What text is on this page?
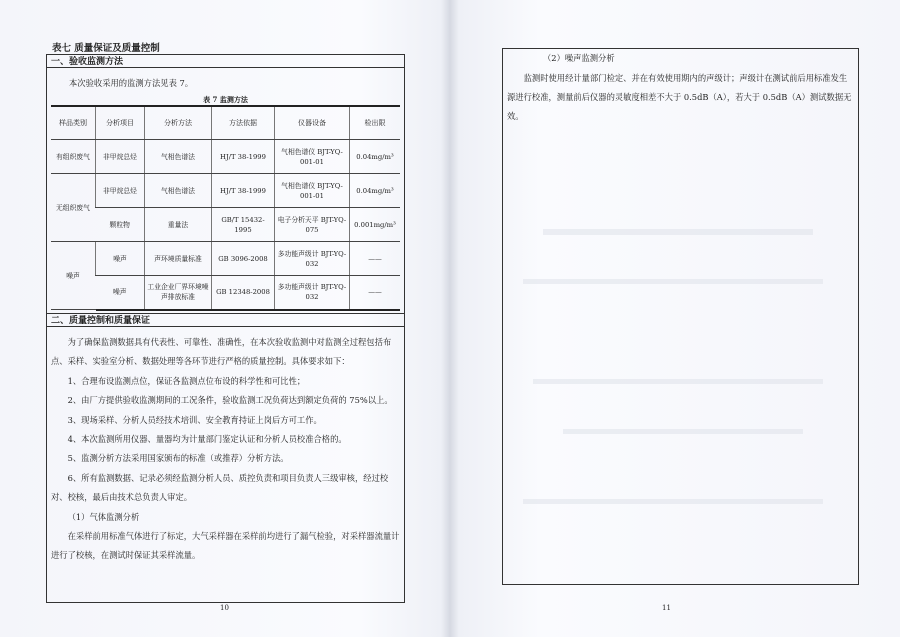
表七 质量保证及质量控制
一、验收监测方法
本次验收采用的监测方法见表 7。
表 7 监测方法
样品类别	分析项目	分析方法	方法依据	仪器设备	检出限
有组织废气	非甲烷总烃	气相色谱法	HJ/T 38-1999	气相色谱仪 BJT-YQ-001-01	0.04mg/m³
无组织废气	非甲烷总烃	气相色谱法	HJ/T 38-1999	气相色谱仪 BJT-YQ-001-01	0.04mg/m³
	颗粒物	重量法	GB/T 15432-1995	电子分析天平 BJT-YQ-075	0.001mg/m³
噪声	噪声	声环境质量标准	GB 3096-2008	多功能声级计 BJT-YQ-032	——
	噪声	工业企业厂界环境噪声排放标准	GB 12348-2008	多功能声级计 BJT-YQ-032	——
二、质量控制和质量保证

为了确保监测数据具有代表性、可靠性、准确性，在本次验收监测中对监测全过程包括布点、采样、实验室分析、数据处理等各环节进行严格的质量控制。具体要求如下：

1、合理布设监测点位，保证各监测点位布设的科学性和可比性；

2、由厂方提供验收监测期间的工况条件，验收监测工况负荷达到额定负荷的 75%以上。

3、现场采样、分析人员经技术培训、安全教育持证上岗后方可工作。

4、本次监测所用仪器、量器均为计量部门鉴定认证和分析人员校准合格的。

5、监测分析方法采用国家颁布的标准（或推荐）分析方法。

6、所有监测数据、记录必须经监测分析人员、质控负责和项目负责人三级审核，经过校对、校核，最后由技术总负责人审定。

（1）气体监测分析

在采样前用标准气体进行了标定，大气采样器在采样前均进行了漏气检验，对采样器流量计进行了校核，在测试时保证其采样流量。

10
（2）噪声监测分析

监测时使用经计量部门检定、并在有效使用期内的声级计；声级计在测试前后用标准发生源进行校准，测量前后仪器的灵敏度相差不大于 0.5dB（A），若大于 0.5dB（A）测试数据无效。

11
